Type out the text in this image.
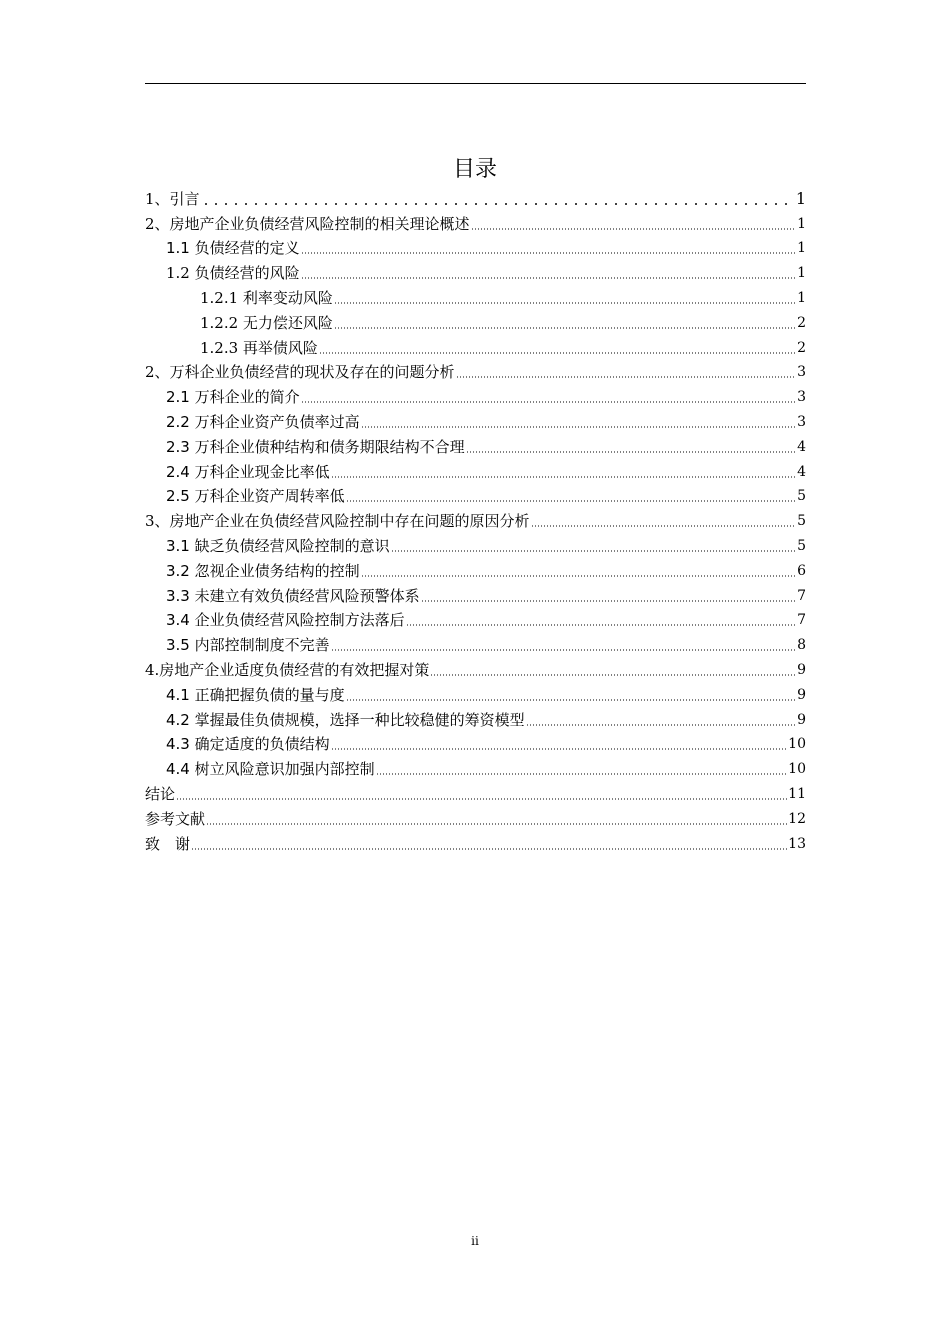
目录
1、引言	1
2、房地产企业负债经营风险控制的相关理论概述	1
1.1 负债经营的定义	1
1.2 负债经营的风险	1
1.2.1 利率变动风险	1
1.2.2 无力偿还风险	2
1.2.3 再举债风险	2
2、万科企业负债经营的现状及存在的问题分析	3
2.1 万科企业的简介	3
2.2 万科企业资产负债率过高	3
2.3 万科企业债种结构和债务期限结构不合理	4
2.4 万科企业现金比率低	4
2.5 万科企业资产周转率低	5
3、房地产企业在负债经营风险控制中存在问题的原因分析	5
3.1 缺乏负债经营风险控制的意识	5
3.2 忽视企业债务结构的控制	6
3.3 未建立有效负债经营风险预警体系	7
3.4 企业负债经营风险控制方法落后	7
3.5 内部控制制度不完善	8
4.房地产企业适度负债经营的有效把握对策	9
4.1 正确把握负债的量与度	9
4.2 掌握最佳负债规模，选择一种比较稳健的筹资模型	9
4.3 确定适度的负债结构	10
4.4 树立风险意识加强内部控制	10
结论	11
参考文献	12
致　谢	13
ii
